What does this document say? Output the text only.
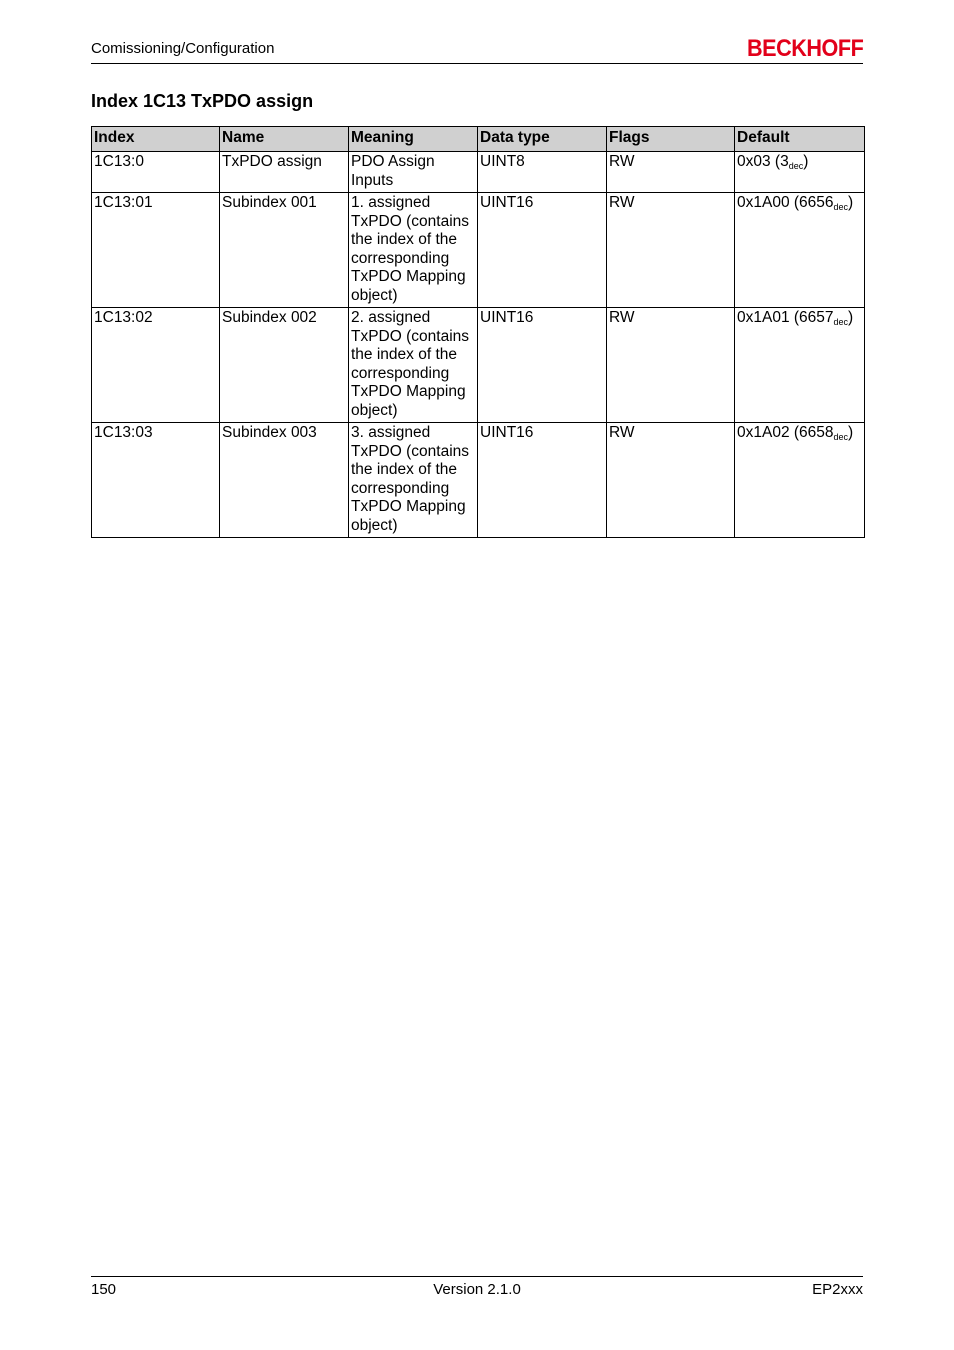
Comissioning/Configuration	BECKHOFF
Index 1C13 TxPDO assign
Index	Name	Meaning	Data type	Flags	Default
1C13:0	TxPDO assign	PDO Assign Inputs	UINT8	RW	0x03 $(3_{dec})$
1C13:01	Subindex 001	1. assigned TxPDO (contains the index of the corresponding TxPDO Mapping object)	UINT16	RW	0x1A00 $(6656_{dec})$
1C13:02	Subindex 002	2. assigned TxPDO (contains the index of the corresponding TxPDO Mapping object)	UINT16	RW	0x1A01 $(6657_{dec})$
1C13:03	Subindex 003	3. assigned TxPDO (contains the index of the corresponding TxPDO Mapping object)	UINT16	RW	0x1A02 $(6658_{dec})$
150	Version 2.1.0	EP2xxx
